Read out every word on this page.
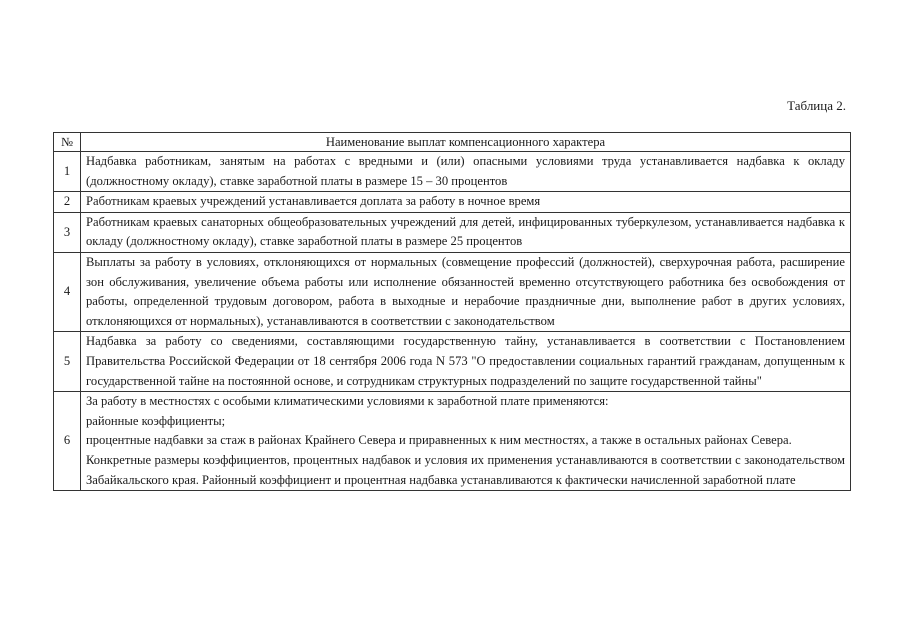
Таблица 2.
№	Наименование выплат компенсационного характера
1	Надбавка работникам, занятым на работах с вредными и (или) опасными условиями труда устанавливается надбавка к окладу (должностному окладу), ставке заработной платы в размере 15 – 30 процентов

2	Работникам краевых учреждений устанавливается доплата за работу в ночное время

3	Работникам краевых санаторных общеобразовательных учреждений для детей, инфицированных туберкулезом, устанавливается надбавка к окладу (должностному окладу), ставке заработной платы в размере 25 процентов

4	Выплаты за работу в условиях, отклоняющихся от нормальных (совмещение профессий (должностей), сверхурочная работа, расширение зон обслуживания, увеличение объема работы или исполнение обязанностей временно отсутствующего работника без освобождения от работы, определенной трудовым договором, работа в выходные и нерабочие праздничные дни, выполнение работ в других условиях, отклоняющихся от нормальных), устанавливаются в соответствии с законодательством

5	Надбавка за работу со сведениями, составляющими государственную тайну, устанавливается в соответствии с Постановлением Правительства Российской Федерации от 18 сентября 2006 года N 573 "О предоставлении социальных гарантий гражданам, допущенным к государственной тайне на постоянной основе, и сотрудникам структурных подразделений по защите государственной тайны"

6	За работу в местностях с особыми климатическими условиями к заработной плате применяются:
районные коэффициенты;
процентные надбавки за стаж в районах Крайнего Севера и приравненных к ним местностях, а также в остальных районах Севера.
Конкретные размеры коэффициентов, процентных надбавок и условия их применения устанавливаются в соответствии с законодательством Забайкальского края. Районный коэффициент и процентная надбавка устанавливаются к фактически начисленной заработной плате
